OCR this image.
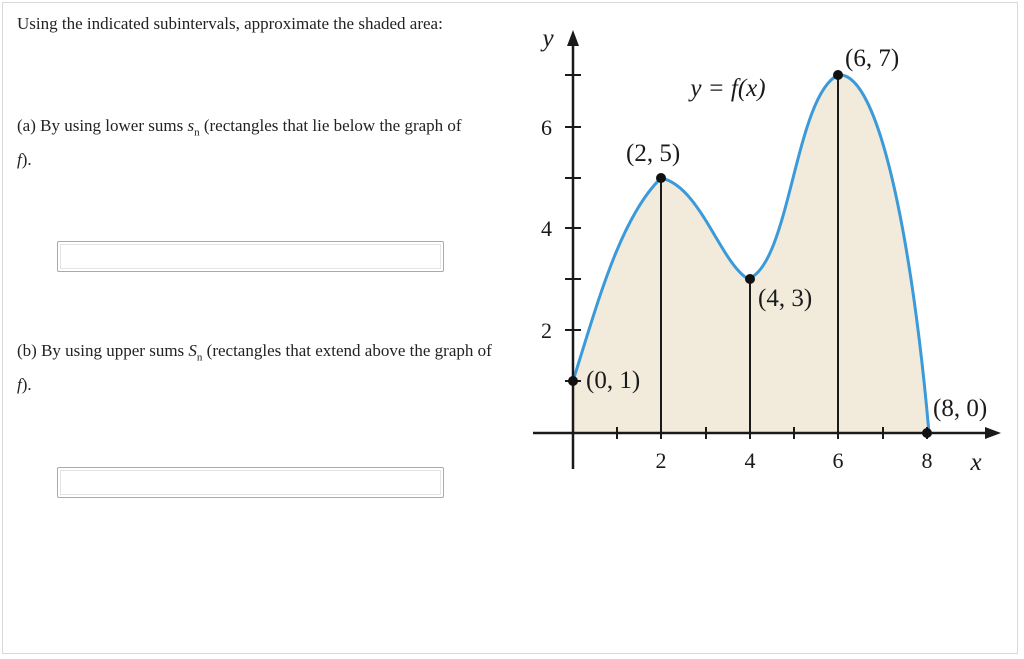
Using the indicated subintervals, approximate the shaded area:
(a) By using lower sums $s_n$ (rectangles that lie below the graph of f).
(b) By using upper sums $S_n$ (rectangles that extend above the graph of f).
2	4	6	8
2
4
6
y
x
y = f(x)
(0, 1)
(2, 5)
(4, 3)
(6, 7)
(8, 0)
